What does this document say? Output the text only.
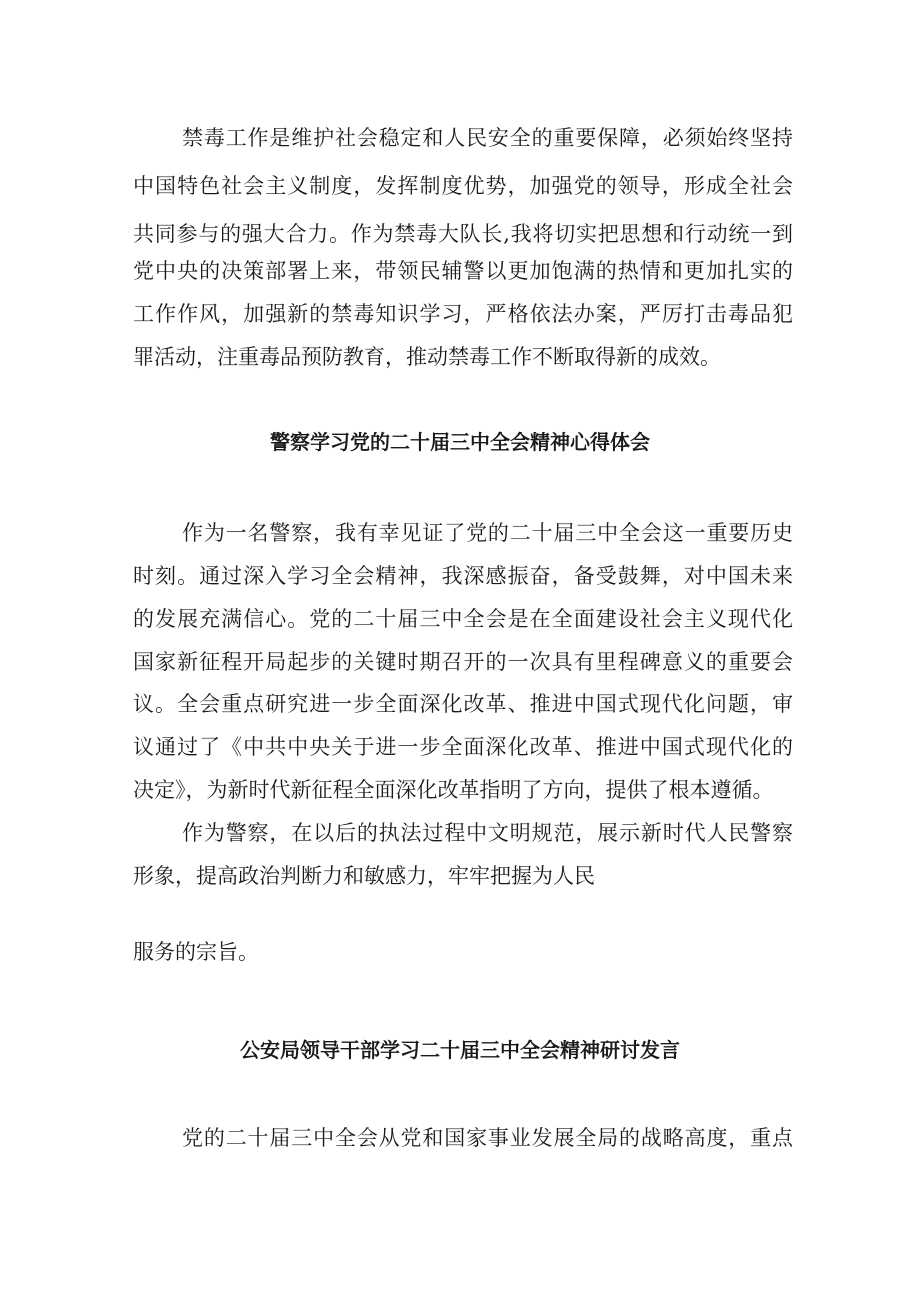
禁毒工作是维护社会稳定和人民安全的重要保障，必须始终坚持
中国特色社会主义制度，发挥制度优势，加强党的领导，形成全社会
共同参与的强大合力。作为禁毒大队长,我将切实把思想和行动统一到
党中央的决策部署上来，带领民辅警以更加饱满的热情和更加扎实的
工作作风，加强新的禁毒知识学习，严格依法办案，严厉打击毒品犯
罪活动，注重毒品预防教育，推动禁毒工作不断取得新的成效。
警察学习党的二十届三中全会精神心得体会
作为一名警察，我有幸见证了党的二十届三中全会这一重要历史
时刻。通过深入学习全会精神，我深感振奋，备受鼓舞，对中国未来
的发展充满信心。党的二十届三中全会是在全面建设社会主义现代化
国家新征程开局起步的关键时期召开的一次具有里程碑意义的重要会
议。全会重点研究进一步全面深化改革、推进中国式现代化问题，审
议通过了《中共中央关于进一步全面深化改革、推进中国式现代化的
决定》，为新时代新征程全面深化改革指明了方向，提供了根本遵循。
作为警察，在以后的执法过程中文明规范，展示新时代人民警察
形象，提高政治判断力和敏感力，牢牢把握为人民
服务的宗旨。
公安局领导干部学习二十届三中全会精神研讨发言
党的二十届三中全会从党和国家事业发展全局的战略高度，重点
